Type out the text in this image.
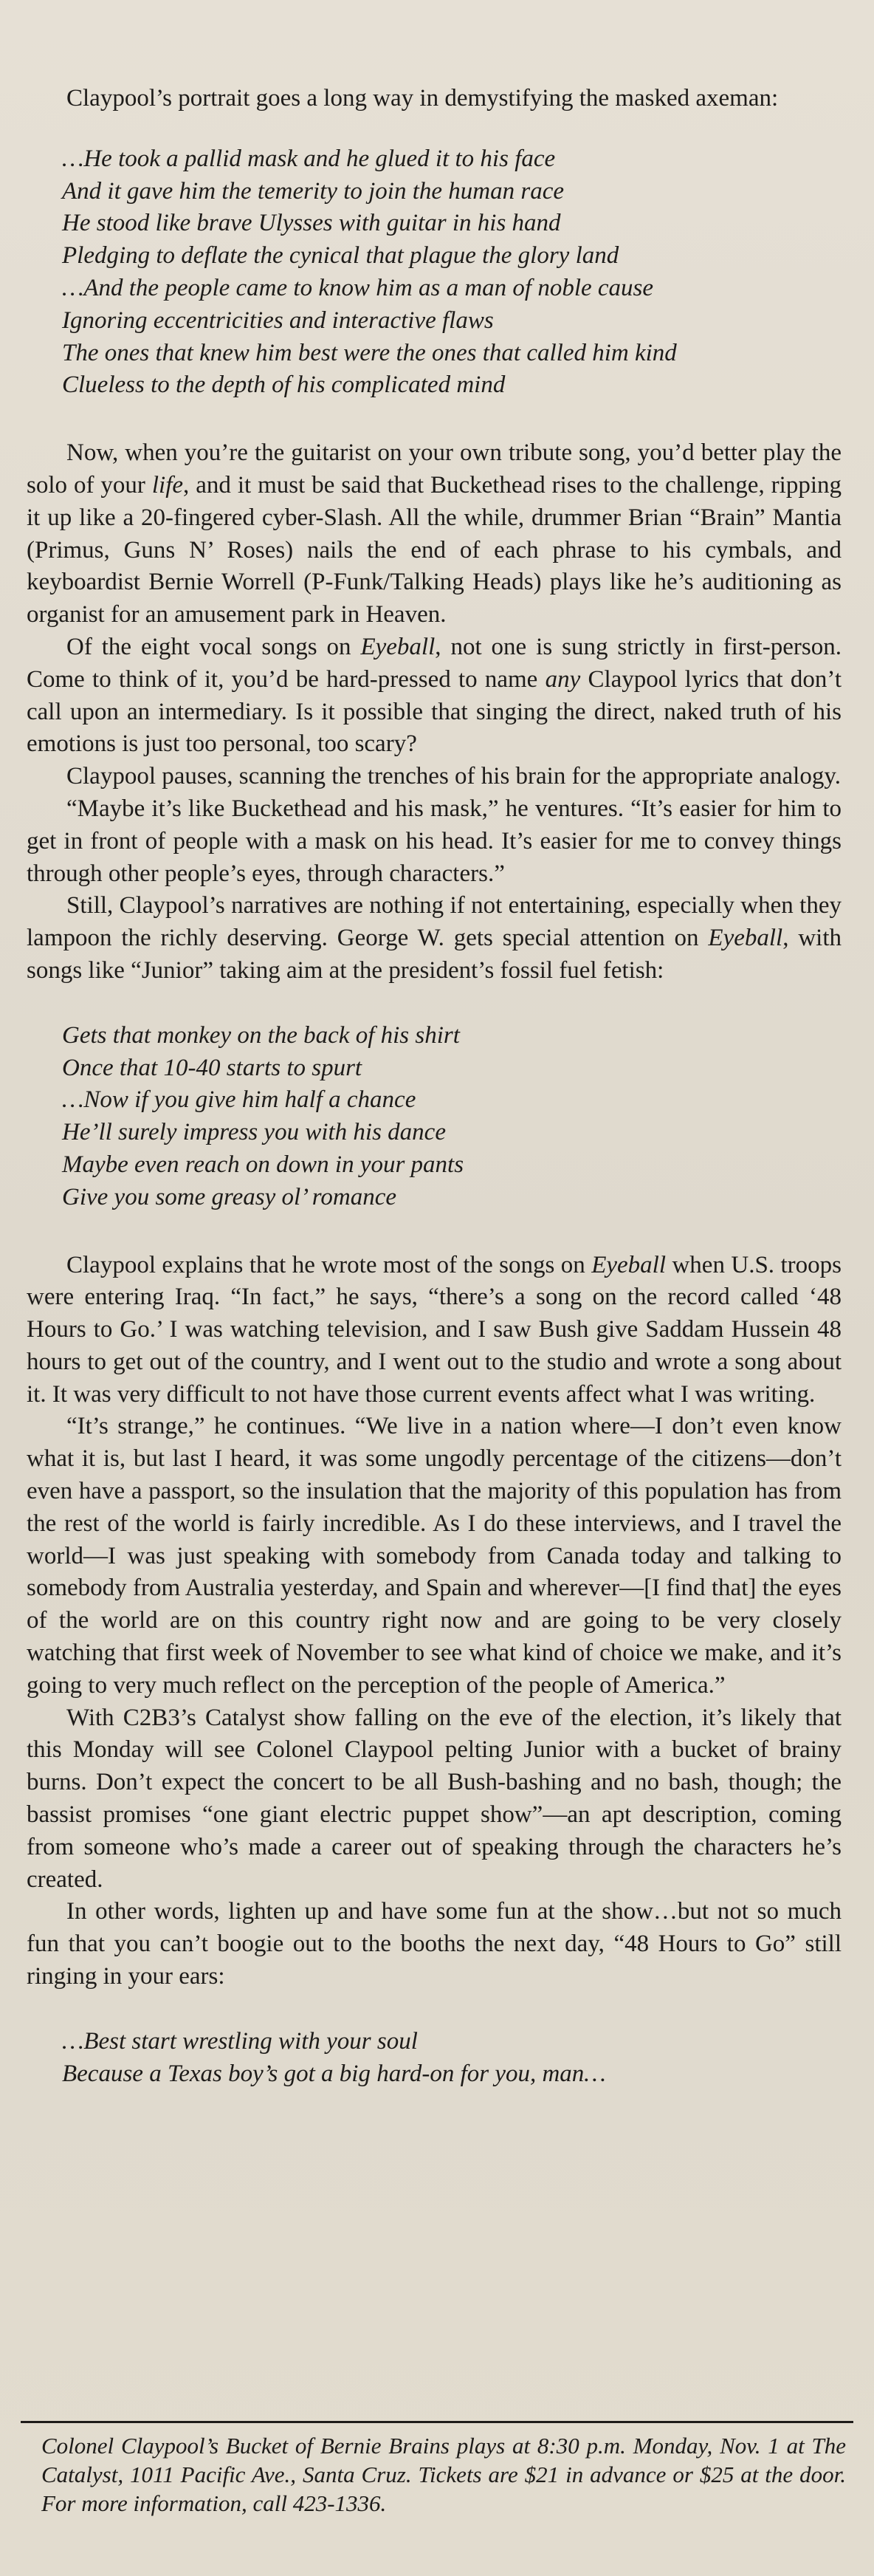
Claypool’s portrait goes a long way in demystifying the masked axeman:

…He took a pallid mask and he glued it to his face
And it gave him the temerity to join the human race
He stood like brave Ulysses with guitar in his hand
Pledging to deflate the cynical that plague the glory land
…And the people came to know him as a man of noble cause
Ignoring eccentricities and interactive flaws
The ones that knew him best were the ones that called him kind
Clueless to the depth of his complicated mind

Now, when you’re the guitarist on your own tribute song, you’d better play the solo of your life, and it must be said that Buckethead rises to the challenge, ripping it up like a 20-fingered cyber-Slash. All the while, drummer Brian “Brain” Mantia (Primus, Guns N’ Roses) nails the end of each phrase to his cymbals, and keyboardist Bernie Worrell (P-Funk/Talking Heads) plays like he’s auditioning as organist for an amusement park in Heaven.

Of the eight vocal songs on Eyeball, not one is sung strictly in first-person. Come to think of it, you’d be hard-pressed to name any Claypool lyrics that don’t call upon an intermediary. Is it possible that singing the direct, naked truth of his emotions is just too personal, too scary?

Claypool pauses, scanning the trenches of his brain for the appropriate analogy.

“Maybe it’s like Buckethead and his mask,” he ventures. “It’s easier for him to get in front of people with a mask on his head. It’s easier for me to convey things through other people’s eyes, through characters.”

Still, Claypool’s narratives are nothing if not entertaining, especially when they lampoon the richly deserving. George W. gets special attention on Eyeball, with songs like “Junior” taking aim at the president’s fossil fuel fetish:

Gets that monkey on the back of his shirt
Once that 10-40 starts to spurt
…Now if you give him half a chance
He’ll surely impress you with his dance
Maybe even reach on down in your pants
Give you some greasy ol’ romance

Claypool explains that he wrote most of the songs on Eyeball when U.S. troops were entering Iraq. “In fact,” he says, “there’s a song on the record called ‘48 Hours to Go.’ I was watching television, and I saw Bush give Saddam Hussein 48 hours to get out of the country, and I went out to the studio and wrote a song about it. It was very difficult to not have those current events affect what I was writing.

“It’s strange,” he continues. “We live in a nation where—I don’t even know what it is, but last I heard, it was some ungodly percentage of the citizens—don’t even have a passport, so the insulation that the majority of this population has from the rest of the world is fairly incredible. As I do these interviews, and I travel the world—I was just speaking with somebody from Canada today and talking to somebody from Australia yesterday, and Spain and wherever—[I find that] the eyes of the world are on this country right now and are going to be very closely watching that first week of November to see what kind of choice we make, and it’s going to very much reflect on the perception of the people of America.”

With C2B3’s Catalyst show falling on the eve of the election, it’s likely that this Monday will see Colonel Claypool pelting Junior with a bucket of brainy burns. Don’t expect the concert to be all Bush-bashing and no bash, though; the bassist promises “one giant electric puppet show”—an apt description, coming from someone who’s made a career out of speaking through the characters he’s created.

In other words, lighten up and have some fun at the show…but not so much fun that you can’t boogie out to the booths the next day, “48 Hours to Go” still ringing in your ears:

…Best start wrestling with your soul
Because a Texas boy’s got a big hard-on for you, man…
Colonel Claypool’s Bucket of Bernie Brains plays at 8:30 p.m. Monday, Nov. 1 at The Catalyst, 1011 Pacific Ave., Santa Cruz. Tickets are $21 in advance or $25 at the door. For more information, call 423-1336.
